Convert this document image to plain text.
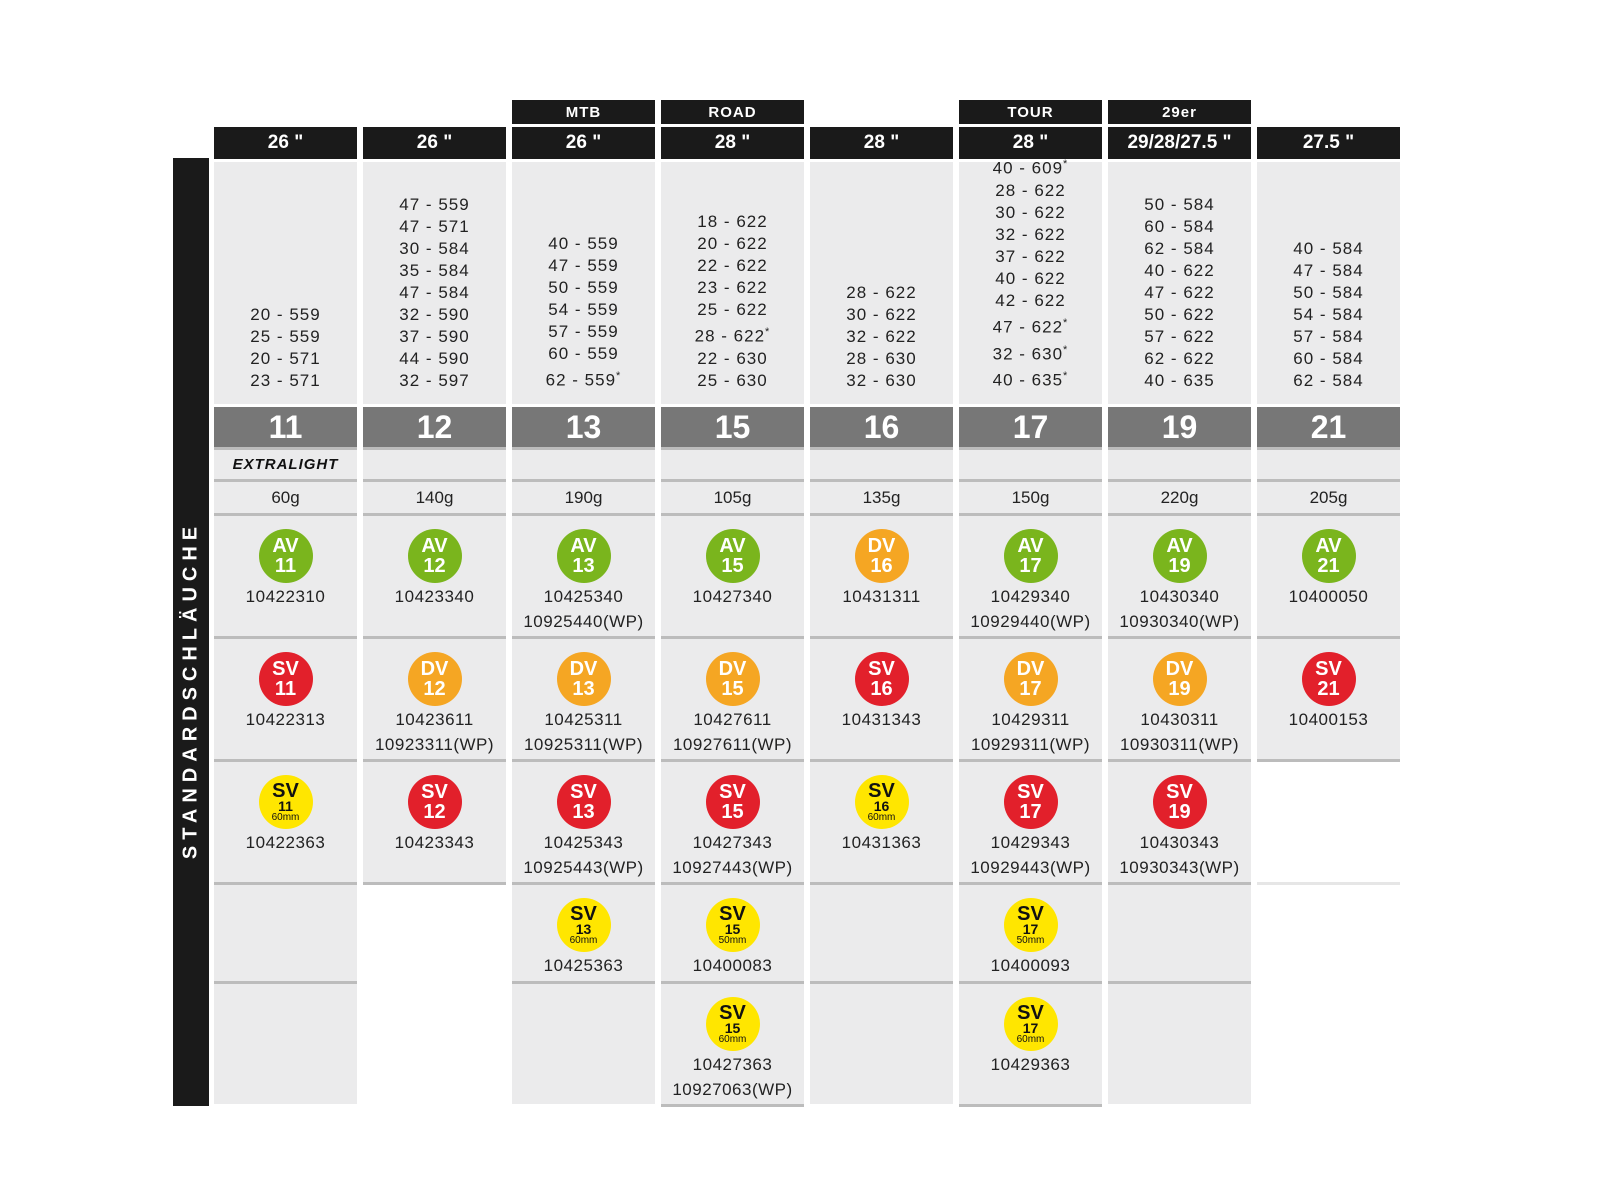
STANDARDSCHLÄUCHE
26 "
20 - 559
25 - 559
20 - 571
23 - 571
11
EXTRALIGHT
60g
AV
11
10422310
SV
11
10422313
SV
11
60mm
10422363
26 "
47 - 559
47 - 571
30 - 584
35 - 584
47 - 584
32 - 590
37 - 590
44 - 590
32 - 597
12
140g
AV
12
10423340
DV
12
10423611
10923311(WP)
SV
12
10423343
MTB
26 "
40 - 559
47 - 559
50 - 559
54 - 559
57 - 559
60 - 559
62 - 559*
13
190g
AV
13
10425340
10925440(WP)
DV
13
10425311
10925311(WP)
SV
13
10425343
10925443(WP)
SV
13
60mm
10425363
ROAD
28 "
18 - 622
20 - 622
22 - 622
23 - 622
25 - 622
28 - 622*
22 - 630
25 - 630
15
105g
AV
15
10427340
DV
15
10427611
10927611(WP)
SV
15
10427343
10927443(WP)
SV
15
50mm
10400083
SV
15
60mm
10427363
10927063(WP)
28 "
28 - 622
30 - 622
32 - 622
28 - 630
32 - 630
16
135g
DV
16
10431311
SV
16
10431343
SV
16
60mm
10431363
TOUR
28 "
40 - 609*
28 - 622
30 - 622
32 - 622
37 - 622
40 - 622
42 - 622
47 - 622*
32 - 630*
40 - 635*
17
150g
AV
17
10429340
10929440(WP)
DV
17
10429311
10929311(WP)
SV
17
10429343
10929443(WP)
SV
17
50mm
10400093
SV
17
60mm
10429363
29er
29/28/27.5 "
50 - 584
60 - 584
62 - 584
40 - 622
47 - 622
50 - 622
57 - 622
62 - 622
40 - 635
19
220g
AV
19
10430340
10930340(WP)
DV
19
10430311
10930311(WP)
SV
19
10430343
10930343(WP)
27.5 "
40 - 584
47 - 584
50 - 584
54 - 584
57 - 584
60 - 584
62 - 584
21
205g
AV
21
10400050
SV
21
10400153
